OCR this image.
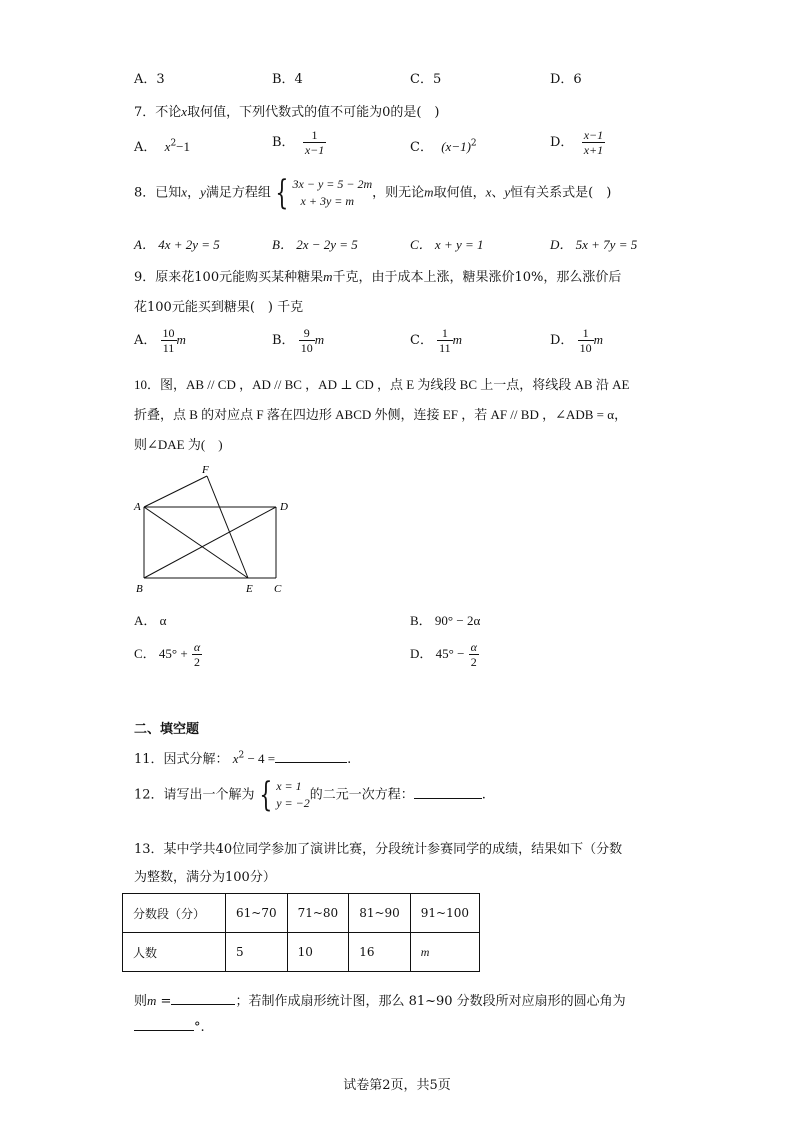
A．3	B．4	C．5	D．6
7．不论x取何值，下列代数式的值不可能为0的是(　)
A． $x^2-1$	B． $\frac{1}{x-1}$	C． $(x-1)^2$	D． $\frac{x-1}{x+1}$
8．已知x，y满足方程组 { 3x − y = 5 − 2m
x + 3y = m
，则无论m取何值，x、y恒有关系式是(　)
A． 4x + 2y = 5	B． 2x − 2y = 5	C． x + y = 1	D． 5x + 7y = 5
9．原来花100元能购买某种糖果m千克，由于成本上涨，糖果涨价10%，那么涨价后
花100元能买到糖果(　) 千克
A． $\frac{10}{11}$ m	B． $\frac{9}{10}$ m	C． $\frac{1}{11}$ m	D． $\frac{1}{10}$ m
10．图，AB // CD ，AD // BC ，AD ⊥ CD ，点 E 为线段 BC 上一点，将线段 AB 沿 AE
折叠，点 B 的对应点 F 落在四边形 ABCD 外侧，连接 EF ，若 AF // BD ，∠ADB = α，
则∠DAE 为(　)
A
B	C
D
E
F
A． α	B． 90° − 2α
C． $45^\circ + \frac{\alpha}{2}$	D． $45^\circ - \frac{\alpha}{2}$
二、填空题
11．因式分解： $x^2 - 4$ =	.
12．请写出一个解为 { x = 1
y = −2
的二元一次方程：	.
13．某中学共40位同学参加了演讲比赛，分段统计参赛同学的成绩，结果如下（分数
为整数，满分为100分）
分数段（分）	61~70	71~80	81~90	91~100
人数	5	10	16	m
则m =	；若制作成扇形统计图，那么 81~90 分数段所对应扇形的圆心角为
°.
试卷第2页，共5页
